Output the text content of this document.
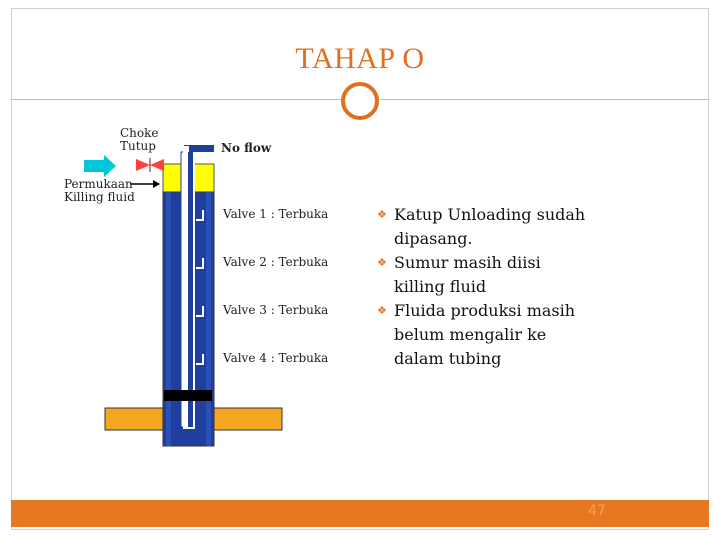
TAHAP O
Choke
Tutup
Permukaan
Killing fluid
No flow
Valve 1 : Terbuka
Valve 2 : Terbuka
Valve 3 : Terbuka
Valve 4 : Terbuka
❖ Katup Unloading sudah
dipasang.
❖ Sumur masih diisi
killing fluid
❖ Fluida produksi masih
belum mengalir ke
dalam tubing
47
